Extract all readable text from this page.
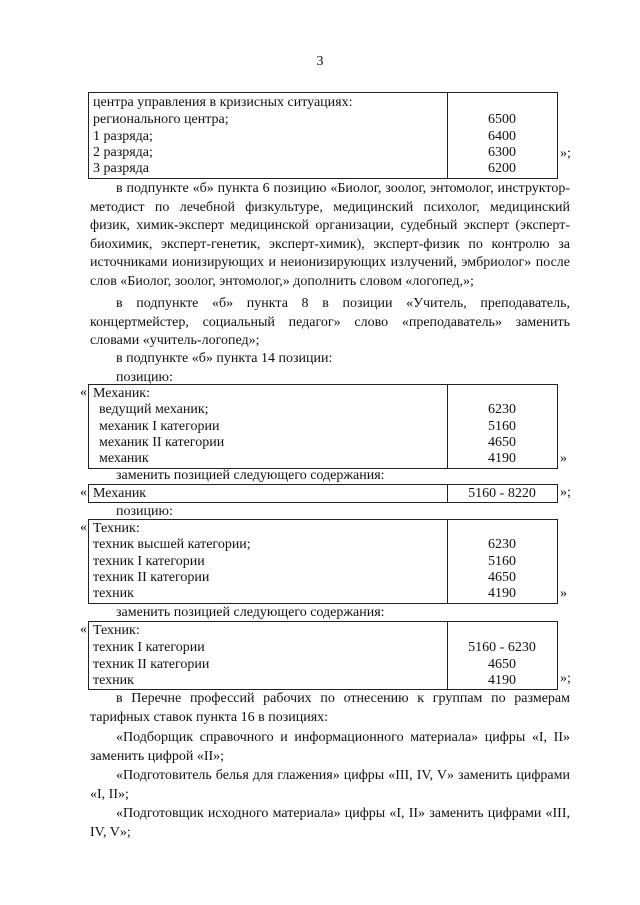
3
центра управления в кризисных ситуациях:
регионального центра;	6500
1 разряда;	6400
2 разряда;	6300
3 разряда	6200
»;
в подпункте «б» пункта 6 позицию «Биолог, зоолог, энтомолог, инструктор-методист по лечебной физкультуре, медицинский психолог, медицинский физик, химик-эксперт медицинской организации, судебный эксперт (эксперт-биохимик, эксперт-генетик, эксперт-химик), эксперт-физик по контролю за источниками ионизирующих и неионизирующих излучений, эмбриолог» после слов «Биолог, зоолог, энтомолог,» дополнить словом «логопед,»;
в подпункте «б» пункта 8 в позиции «Учитель, преподаватель, концертмейстер, социальный педагог» слово «преподаватель» заменить словами «учитель-логопед»;
в подпункте «б» пункта 14 позиции:
позицию:
« Механик:
ведущий механик;	6230
механик I категории	5160
механик II категории	4650
механик	4190	»
заменить позицией следующего содержания:
« Механик	5160 - 8220	»;
позицию:
« Техник:
техник высшей категории;	6230
техник I категории	5160
техник II категории	4650
техник	4190	»
заменить позицией следующего содержания:
« Техник:
техник I категории	5160 - 6230
техник II категории	4650
техник	4190	»;
в Перечне профессий рабочих по отнесению к группам по размерам тарифных ставок пункта 16 в позициях:
«Подборщик справочного и информационного материала» цифры «I, II» заменить цифрой «II»;
«Подготовитель белья для глажения» цифры «III, IV, V» заменить цифрами «I, II»;
«Подготовщик исходного материала» цифры «I, II» заменить цифрами «III, IV, V»;
